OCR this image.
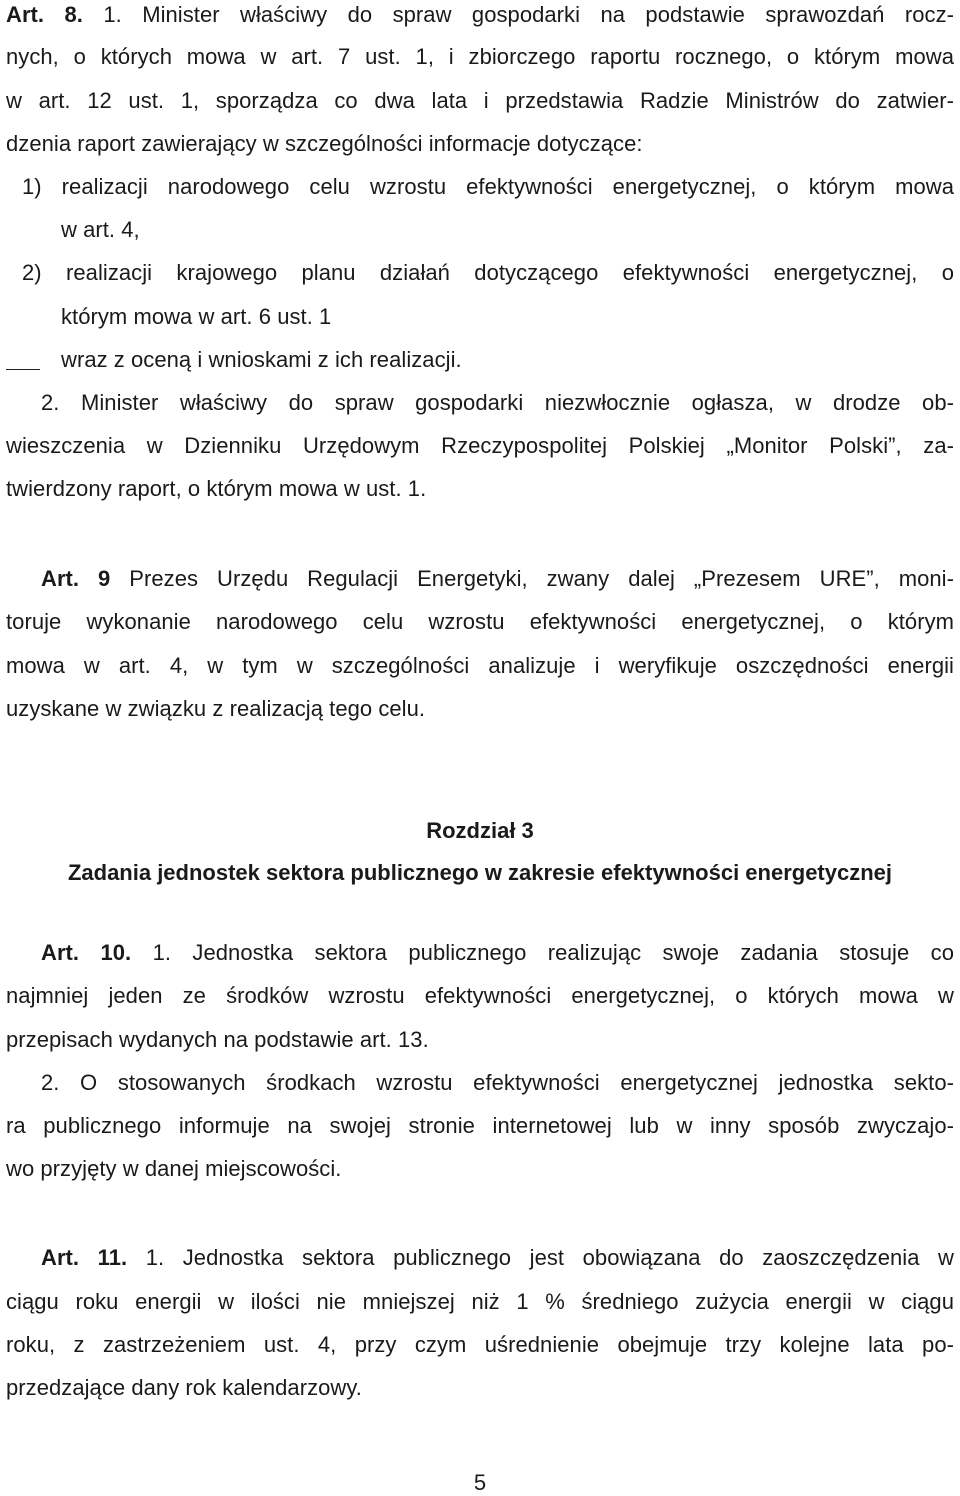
Art. 8. 1. Minister właściwy do spraw gospodarki na podstawie sprawozdań rocz-
nych, o których mowa w art. 7 ust. 1, i zbiorczego raportu rocznego, o którym mowa
w art. 12 ust. 1, sporządza co dwa lata i przedstawia Radzie Ministrów do zatwier-
dzenia raport zawierający w szczególności informacje dotyczące:
1) realizacji narodowego celu wzrostu efektywności energetycznej, o którym mowa
w art. 4,
2) realizacji krajowego planu działań dotyczącego efektywności energetycznej, o
którym mowa w art. 6 ust. 1
wraz z oceną i wnioskami z ich realizacji.
2. Minister właściwy do spraw gospodarki niezwłocznie ogłasza, w drodze ob-
wieszczenia w Dzienniku Urzędowym Rzeczypospolitej Polskiej „Monitor Polski”, za-
twierdzony raport, o którym mowa w ust. 1.
Art. 9 Prezes Urzędu Regulacji Energetyki, zwany dalej „Prezesem URE”, moni-
toruje wykonanie narodowego celu wzrostu efektywności energetycznej, o którym
mowa w art. 4, w tym w szczególności analizuje i weryfikuje oszczędności energii
uzyskane w związku z realizacją tego celu.
Rozdział 3
Zadania jednostek sektora publicznego w zakresie efektywności energetycznej
Art. 10. 1. Jednostka sektora publicznego realizując swoje zadania stosuje co
najmniej jeden ze środków wzrostu efektywności energetycznej, o których mowa w
przepisach wydanych na podstawie art. 13.
2. O stosowanych środkach wzrostu efektywności energetycznej jednostka sekto-
ra publicznego informuje na swojej stronie internetowej lub w inny sposób zwyczajo-
wo przyjęty w danej miejscowości.
Art. 11. 1. Jednostka sektora publicznego jest obowiązana do zaoszczędzenia w
ciągu roku energii w ilości nie mniejszej niż 1 % średniego zużycia energii w ciągu
roku, z zastrzeżeniem ust. 4, przy czym uśrednienie obejmuje trzy kolejne lata po-
przedzające dany rok kalendarzowy.
5
